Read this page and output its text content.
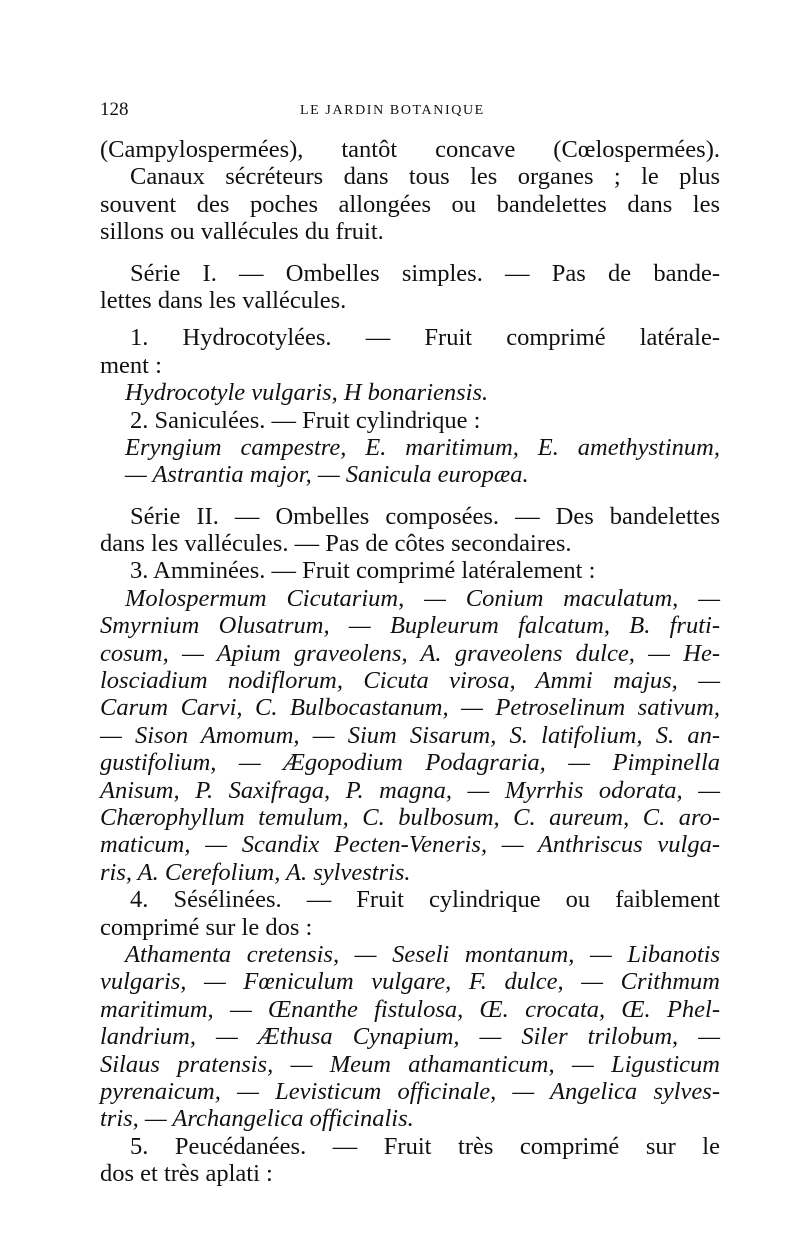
128	LE JARDIN BOTANIQUE
(Campylospermées), tantôt concave (Cœlospermées).
Canaux sécréteurs dans tous les organes ; le plus
souvent des poches allongées ou bandelettes dans les
sillons ou vallécules du fruit.
Série I. — Ombelles simples. — Pas de bande-
lettes dans les vallécules.
1. Hydrocotylées. — Fruit comprimé latérale-
ment :
Hydrocotyle vulgaris, H bonariensis.
2. Saniculées. — Fruit cylindrique :
Eryngium campestre, E. maritimum, E. amethystinum,
— Astrantia major, — Sanicula europæa.
Série II. — Ombelles composées. — Des bandelettes
dans les vallécules. — Pas de côtes secondaires.
3. Amminées. — Fruit comprimé latéralement :
Molospermum Cicutarium, — Conium maculatum, —
Smyrnium Olusatrum, — Bupleurum falcatum, B. fruti-
cosum, — Apium graveolens, A. graveolens dulce, — He-
losciadium nodiflorum, Cicuta virosa, Ammi majus, —
Carum Carvi, C. Bulbocastanum, — Petroselinum sativum,
— Sison Amomum, — Sium Sisarum, S. latifolium, S. an-
gustifolium, — Ægopodium Podagraria, — Pimpinella
Anisum, P. Saxifraga, P. magna, — Myrrhis odorata, —
Chærophyllum temulum, C. bulbosum, C. aureum, C. aro-
maticum, — Scandix Pecten-Veneris, — Anthriscus vulga-
ris, A. Cerefolium, A. sylvestris.
4. Sésélinées. — Fruit cylindrique ou faiblement
comprimé sur le dos :
Athamenta cretensis, — Seseli montanum, — Libanotis
vulgaris, — Fœniculum vulgare, F. dulce, — Crithmum
maritimum, — Œnanthe fistulosa, Œ. crocata, Œ. Phel-
landrium, — Æthusa Cynapium, — Siler trilobum, —
Silaus pratensis, — Meum athamanticum, — Ligusticum
pyrenaicum, — Levisticum officinale, — Angelica sylves-
tris, — Archangelica officinalis.
5. Peucédanées. — Fruit très comprimé sur le
dos et très aplati :
